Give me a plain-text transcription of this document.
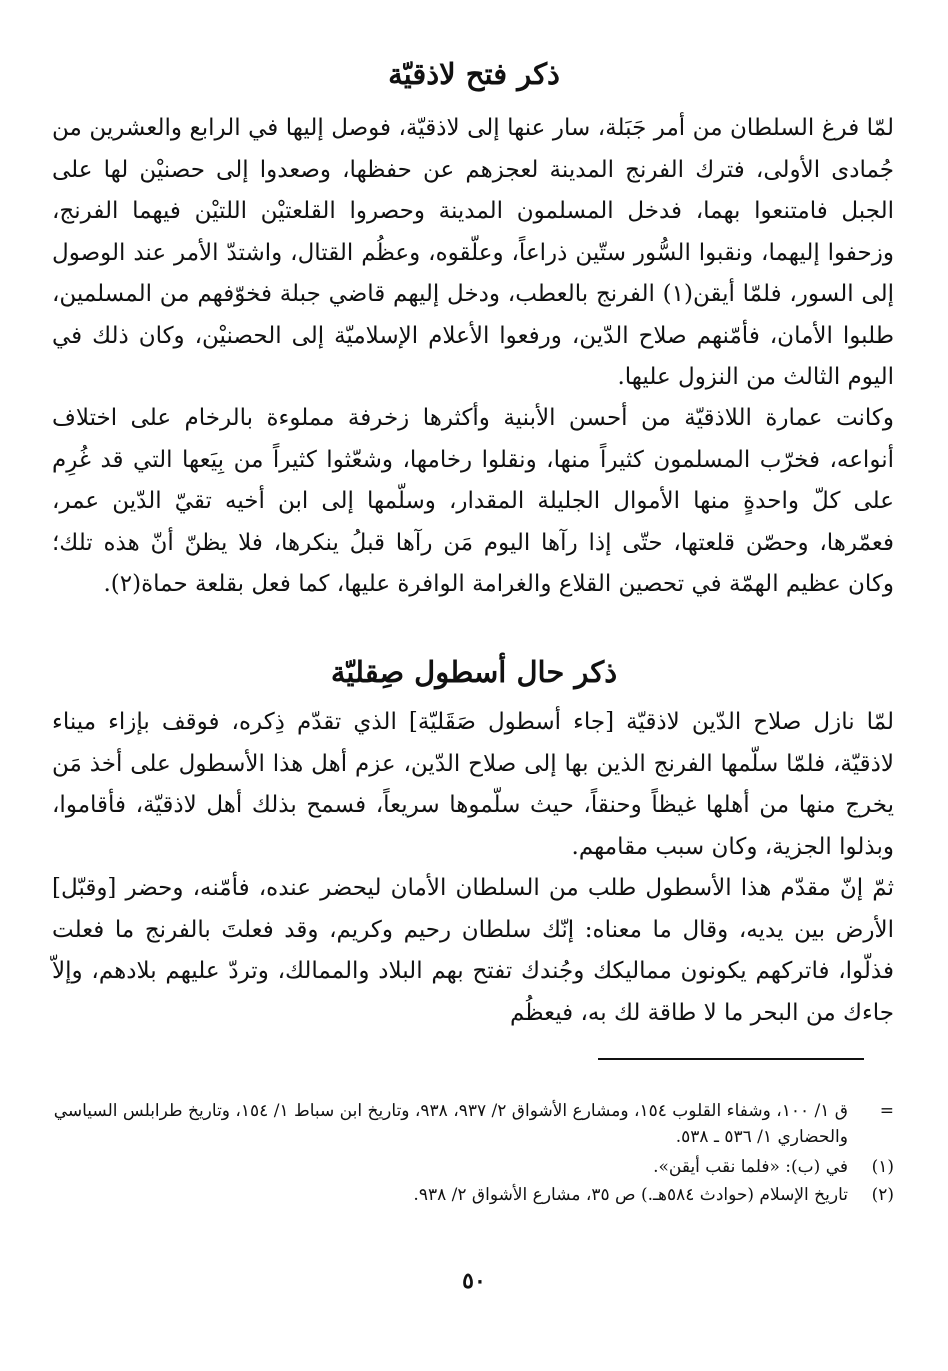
ذكر فتح لاذقيّة

لمّا فرغ السلطان من أمر جَبَلة، سار عنها إلى لاذقيّة، فوصل إليها في الرابع والعشرين من جُمادى الأولى، فترك الفرنج المدينة لعجزهم عن حفظها، وصعدوا إلى حصنيْن لها على الجبل فامتنعوا بهما، فدخل المسلمون المدينة وحصروا القلعتيْن اللتيْن فيهما الفرنج، وزحفوا إليهما، ونقبوا السُّور ستّين ذراعاً، وعلّقوه، وعظُم القتال، واشتدّ الأمر عند الوصول إلى السور، فلمّا أيقن(١) الفرنج بالعطب، ودخل إليهم قاضي جبلة فخوّفهم من المسلمين، طلبوا الأمان، فأمّنهم صلاح الدّين، ورفعوا الأعلام الإسلاميّة إلى الحصنيْن، وكان ذلك في اليوم الثالث من النزول عليها.

وكانت عمارة اللاذقيّة من أحسن الأبنية وأكثرها زخرفة مملوءة بالرخام على اختلاف أنواعه، فخرّب المسلمون كثيراً منها، ونقلوا رخامها، وشعّثوا كثيراً من بِيَعها التي قد غُرِم على كلّ واحدةٍ منها الأموال الجليلة المقدار، وسلّمها إلى ابن أخيه تقيّ الدّين عمر، فعمّرها، وحصّن قلعتها، حتّى إذا رآها اليوم مَن رآها قبلُ ينكرها، فلا يظنّ أنّ هذه تلك؛ وكان عظيم الهمّة في تحصين القلاع والغرامة الوافرة عليها، كما فعل بقلعة حماة(٢).

ذكر حال أسطول صِقليّة

لمّا نازل صلاح الدّين لاذقيّة [جاء أسطول صَقَليّة] الذي تقدّم ذِكره، فوقف بإزاء ميناء لاذقيّة، فلمّا سلّمها الفرنج الذين بها إلى صلاح الدّين، عزم أهل هذا الأسطول على أخذ مَن يخرج منها من أهلها غيظاً وحنقاً، حيث سلّموها سريعاً، فسمح بذلك أهل لاذقيّة، فأقاموا، وبذلوا الجزية، وكان سبب مقامهم.

ثمّ إنّ مقدّم هذا الأسطول طلب من السلطان الأمان ليحضر عنده، فأمّنه، وحضر [وقبّل] الأرض بين يديه، وقال ما معناه: إنّك سلطان رحيم وكريم، وقد فعلتَ بالفرنج ما فعلت فذلّوا، فاتركهم يكونون مماليكك وجُندك تفتح بهم البلاد والممالك، وتردّ عليهم بلادهم، وإلاّ جاءك من البحر ما لا طاقة لك به، فيعظُم

=
ق ١/ ١٠٠، وشفاء القلوب ١٥٤، ومشارع الأشواق ٢/ ٩٣٧، ٩٣٨، وتاريخ ابن سباط ١/ ١٥٤، وتاريخ طرابلس السياسي والحضاري ١/ ٥٣٦ ـ ٥٣٨.
(١)
في (ب): «فلما نقب أيقن».
(٢)
تاريخ الإسلام (حوادث ٥٨٤هـ.) ص ٣٥، مشارع الأشواق ٢/ ٩٣٨.
٥٠
